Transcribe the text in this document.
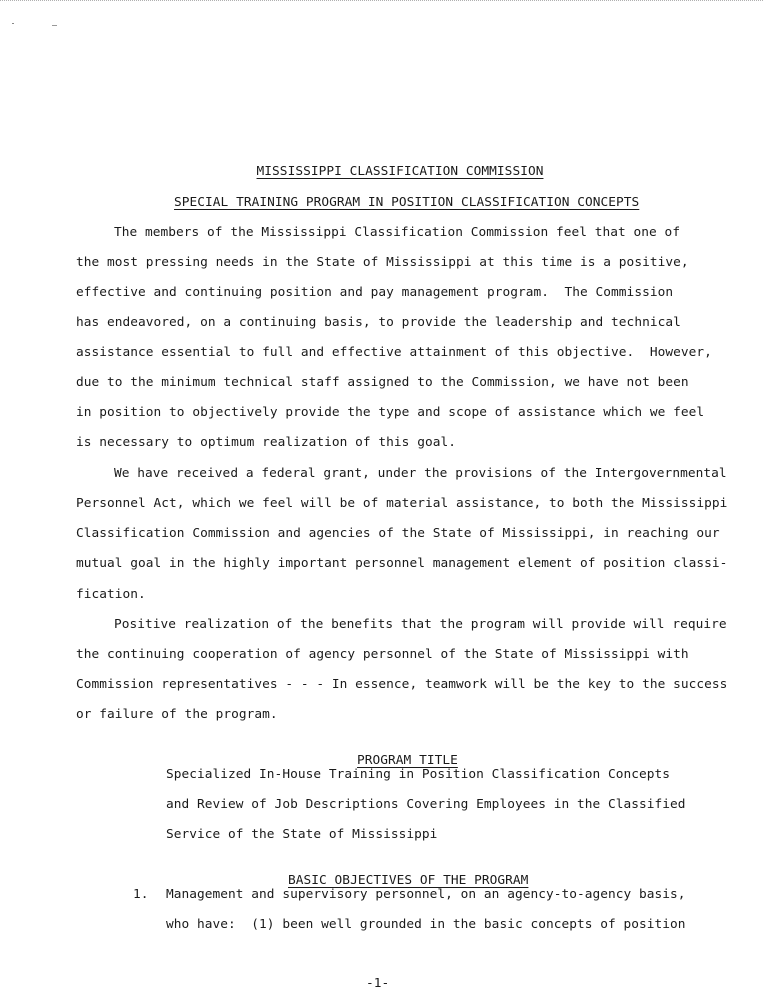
MISSISSIPPI CLASSIFICATION COMMISSION

SPECIAL TRAINING PROGRAM IN POSITION CLASSIFICATION CONCEPTS

The members of the Mississippi Classification Commission feel that one of
the most pressing needs in the State of Mississippi at this time is a positive,
effective and continuing position and pay management program.  The Commission
has endeavored, on a continuing basis, to provide the leadership and technical
assistance essential to full and effective attainment of this objective.  However,
due to the minimum technical staff assigned to the Commission, we have not been
in position to objectively provide the type and scope of assistance which we feel
is necessary to optimum realization of this goal.
We have received a federal grant, under the provisions of the Intergovernmental
Personnel Act, which we feel will be of material assistance, to both the Mississippi
Classification Commission and agencies of the State of Mississippi, in reaching our
mutual goal in the highly important personnel management element of position classi-
fication.
Positive realization of the benefits that the program will provide will require
the continuing cooperation of agency personnel of the State of Mississippi with
Commission representatives - - - In essence, teamwork will be the key to the success
or failure of the program.

PROGRAM TITLE

Specialized In-House Training in Position Classification Concepts
and Review of Job Descriptions Covering Employees in the Classified
Service of the State of Mississippi

BASIC OBJECTIVES OF THE PROGRAM

1. Management and supervisory personnel, on an agency-to-agency basis,
who have:  (1) been well grounded in the basic concepts of position
-1-
